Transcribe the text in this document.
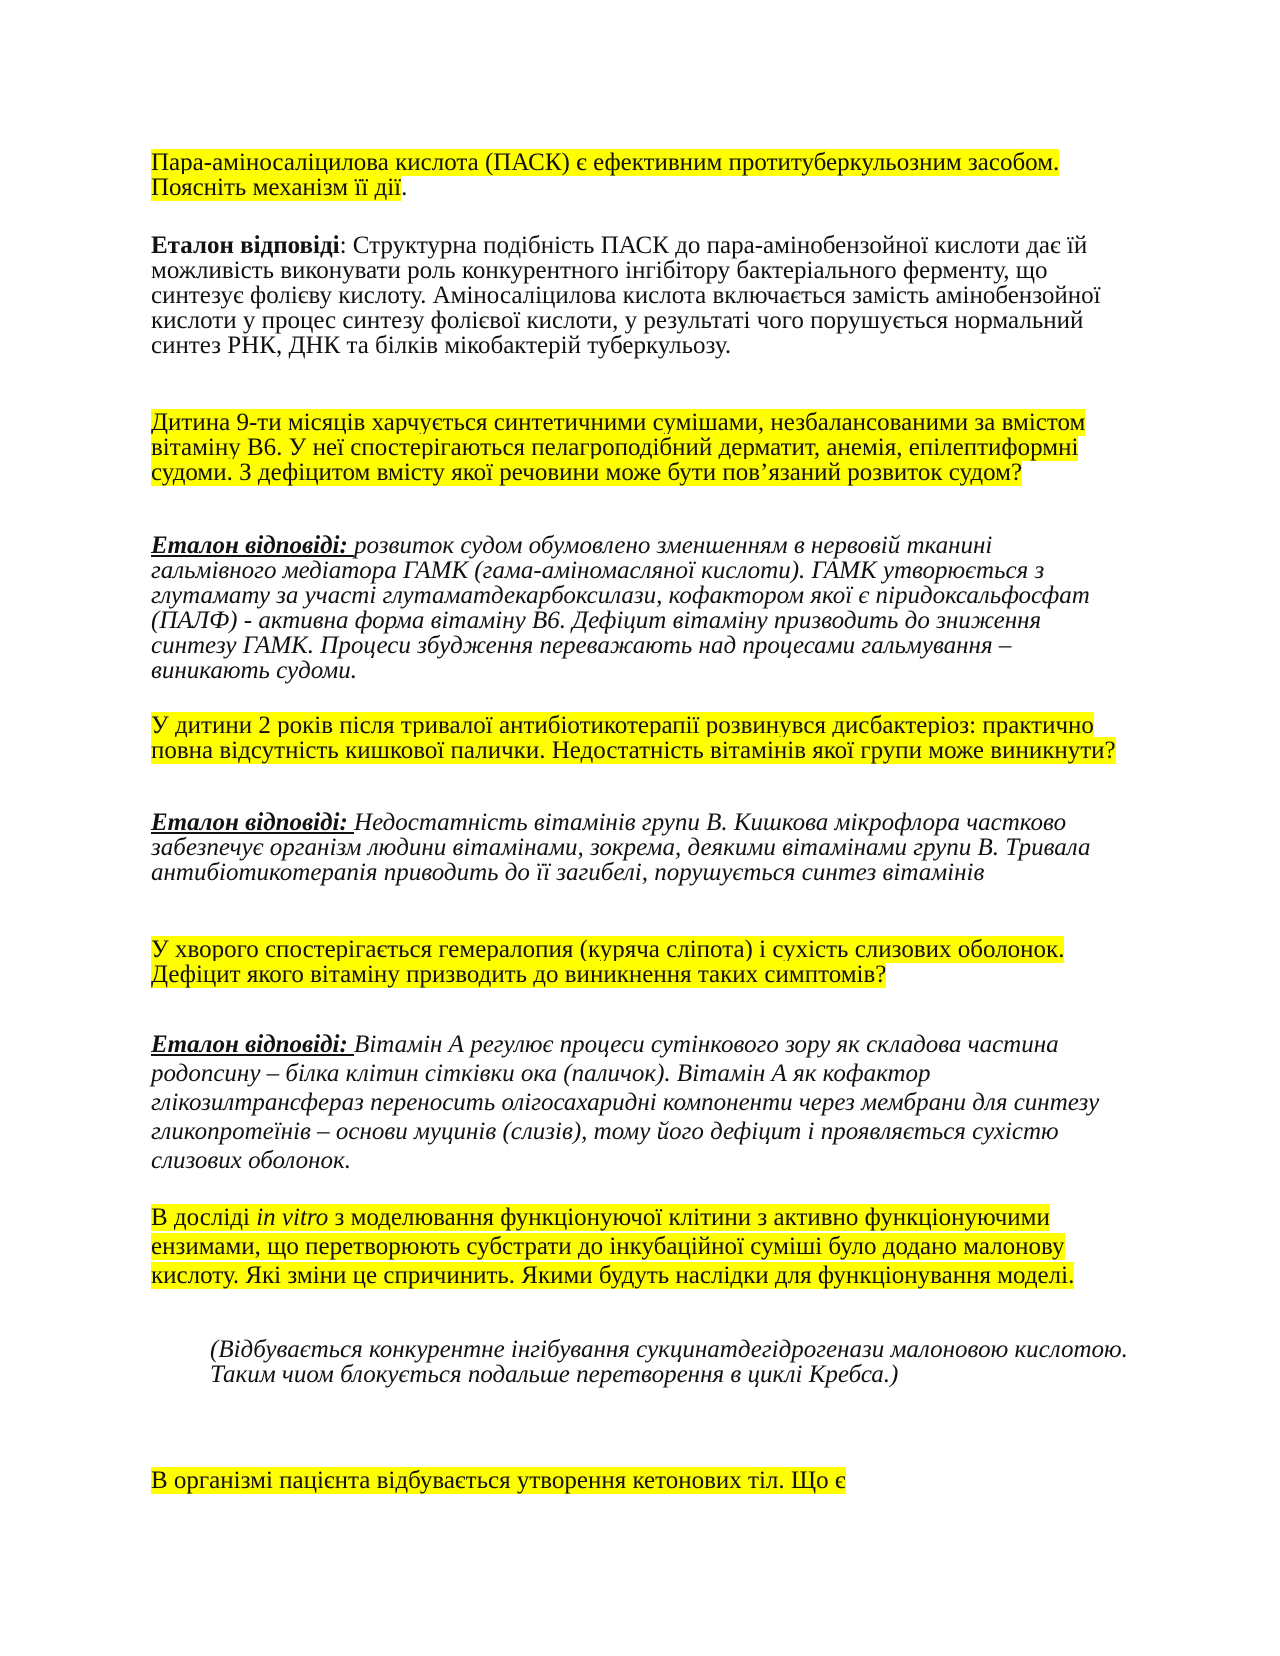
Пара-аміносаліцилова кислота (ПАСК) є ефективним протитуберкульозним засобом. Поясніть механізм її дії.

Еталон відповіді: Структурна подібність ПАСК до пара-амінобензойної кислоти дає їй можливість виконувати роль конкурентного інгібітору бактеріального ферменту, що синтезує фолієву кислоту. Аміносаліцилова кислота включається замість амінобензойної кислоти у процес синтезу фолієвої кислоти, у результаті чого порушується нормальний синтез РНК, ДНК та білків мікобактерій туберкульозу.

Дитина 9-ти місяців харчується синтетичними сумішами, незбалансованими за вмістом вітаміну В6. У неї спостерігаються пелагроподібний дерматит, анемія, епілептиформні судоми. З дефіцитом вмісту якої речовини може бути пов’язаний розвиток судом?

Еталон відповіді: розвиток судом обумовлено зменшенням в нервовій тканині гальмівного медіатора ГАМК (гама-аміномасляної кислоти). ГАМК утворюється з глутамату за участі глутаматдекарбоксилази, кофактором якої є піридоксальфосфат (ПАЛФ) - активна форма вітаміну В6. Дефіцит вітаміну призводить до зниження синтезу ГАМК. Процеси збудження переважають над процесами гальмування – виникають судоми.

У дитини 2 років після тривалої антибіотикотерапії розвинувся дисбактеріоз: практично повна відсутність кишкової палички. Недостатність вітамінів якої групи може виникнути?

Еталон відповіді: Недостатність вітамінів групи В. Кишкова мікрофлора частково забезпечує організм людини вітамінами, зокрема, деякими вітамінами групи В. Тривала антибіотикотерапія приводить до її загибелі, порушується синтез вітамінів

У хворого спостерігається гемералопия (куряча сліпота) і сухість слизових оболонок. Дефіцит якого вітаміну призводить до виникнення таких симптомів?

Еталон відповіді: Вітамін А регулює процеси сутінкового зору як складова частина родопсину – білка клітин сітківки ока (паличок). Вітамін А як кофактор глікозилтрансфераз переносить олігосахаридні компоненти через мембрани для синтезу гликопротеїнів – основи муцинів (слизів), тому його дефіцит і проявляється сухістю слизових оболонок.

В досліді in vitro з моделювання функціонуючої клітини з активно функціонуючими ензимами, що перетворюють субстрати до інкубаційної суміші було додано малонову кислоту. Які зміни це спричинить. Якими будуть наслідки для функціонування моделі.

(Відбувається конкурентне інгібування сукцинатдегідрогенази малоновою кислотою. Таким чиом блокується подальше перетворення в циклі Кребса.)

В організмі пацієнта відбувається утворення кетонових тіл. Що є
